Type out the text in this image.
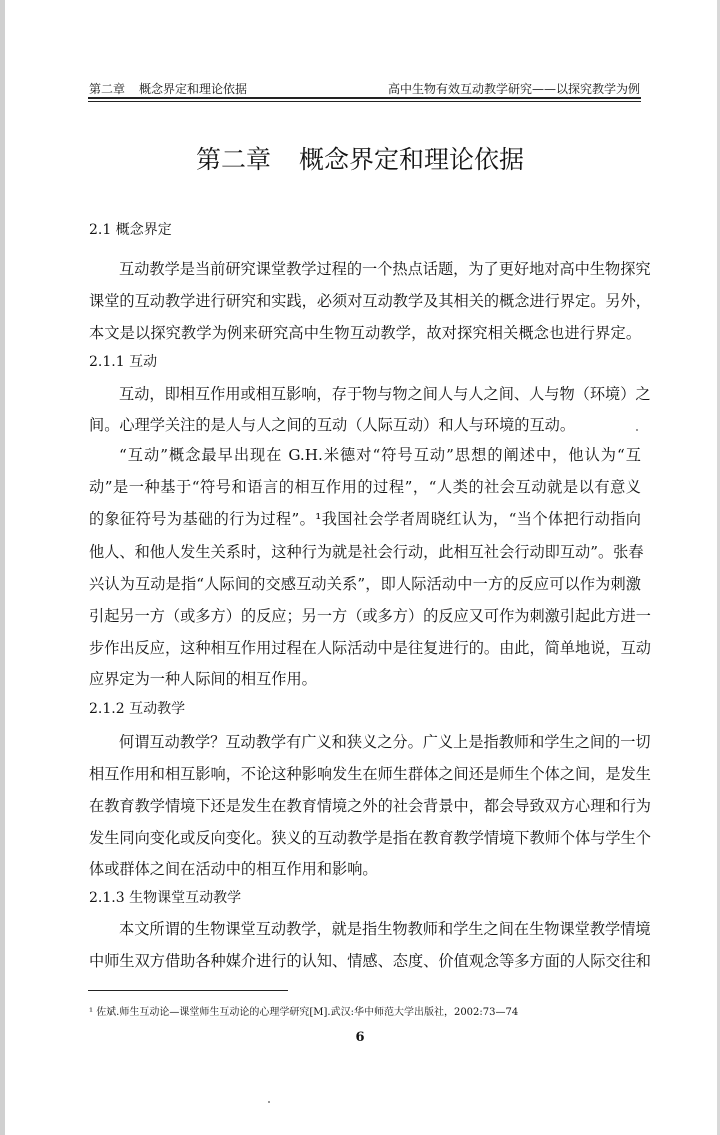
第二章 概念界定和理论依据	高中生物有效互动教学研究——以探究教学为例
第二章 概念界定和理论依据
2.1 概念界定
互动教学是当前研究课堂教学过程的一个热点话题，为了更好地对高中生物探究
课堂的互动教学进行研究和实践，必须对互动教学及其相关的概念进行界定。另外，
本文是以探究教学为例来研究高中生物互动教学，故对探究相关概念也进行界定。
2.1.1 互动
互动，即相互作用或相互影响，存于物与物之间人与人之间、人与物（环境）之
间。心理学关注的是人与人之间的互动（人际互动）和人与环境的互动。
“互动”概念最早出现在 G.H.米德对“符号互动”思想的阐述中，他认为“互
动”是一种基于“符号和语言的相互作用的过程”，“人类的社会互动就是以有意义
的象征符号为基础的行为过程”。¹我国社会学者周晓红认为，“当个体把行动指向
他人、和他人发生关系时，这种行为就是社会行动，此相互社会行动即互动”。张春
兴认为互动是指“人际间的交感互动关系”，即人际活动中一方的反应可以作为刺激
引起另一方（或多方）的反应；另一方（或多方）的反应又可作为刺激引起此方进一
步作出反应，这种相互作用过程在人际活动中是往复进行的。由此，简单地说，互动
应界定为一种人际间的相互作用。
2.1.2 互动教学
何谓互动教学？互动教学有广义和狭义之分。广义上是指教师和学生之间的一切
相互作用和相互影响，不论这种影响发生在师生群体之间还是师生个体之间，是发生
在教育教学情境下还是发生在教育情境之外的社会背景中，都会导致双方心理和行为
发生同向变化或反向变化。狭义的互动教学是指在教育教学情境下教师个体与学生个
体或群体之间在活动中的相互作用和影响。
2.1.3 生物课堂互动教学
本文所谓的生物课堂互动教学，就是指生物教师和学生之间在生物课堂教学情境
中师生双方借助各种媒介进行的认知、情感、态度、价值观念等多方面的人际交往和
¹ 佐斌.师生互动论—课堂师生互动论的心理学研究[M].武汉:华中师范大学出版社，2002:73—74
6
